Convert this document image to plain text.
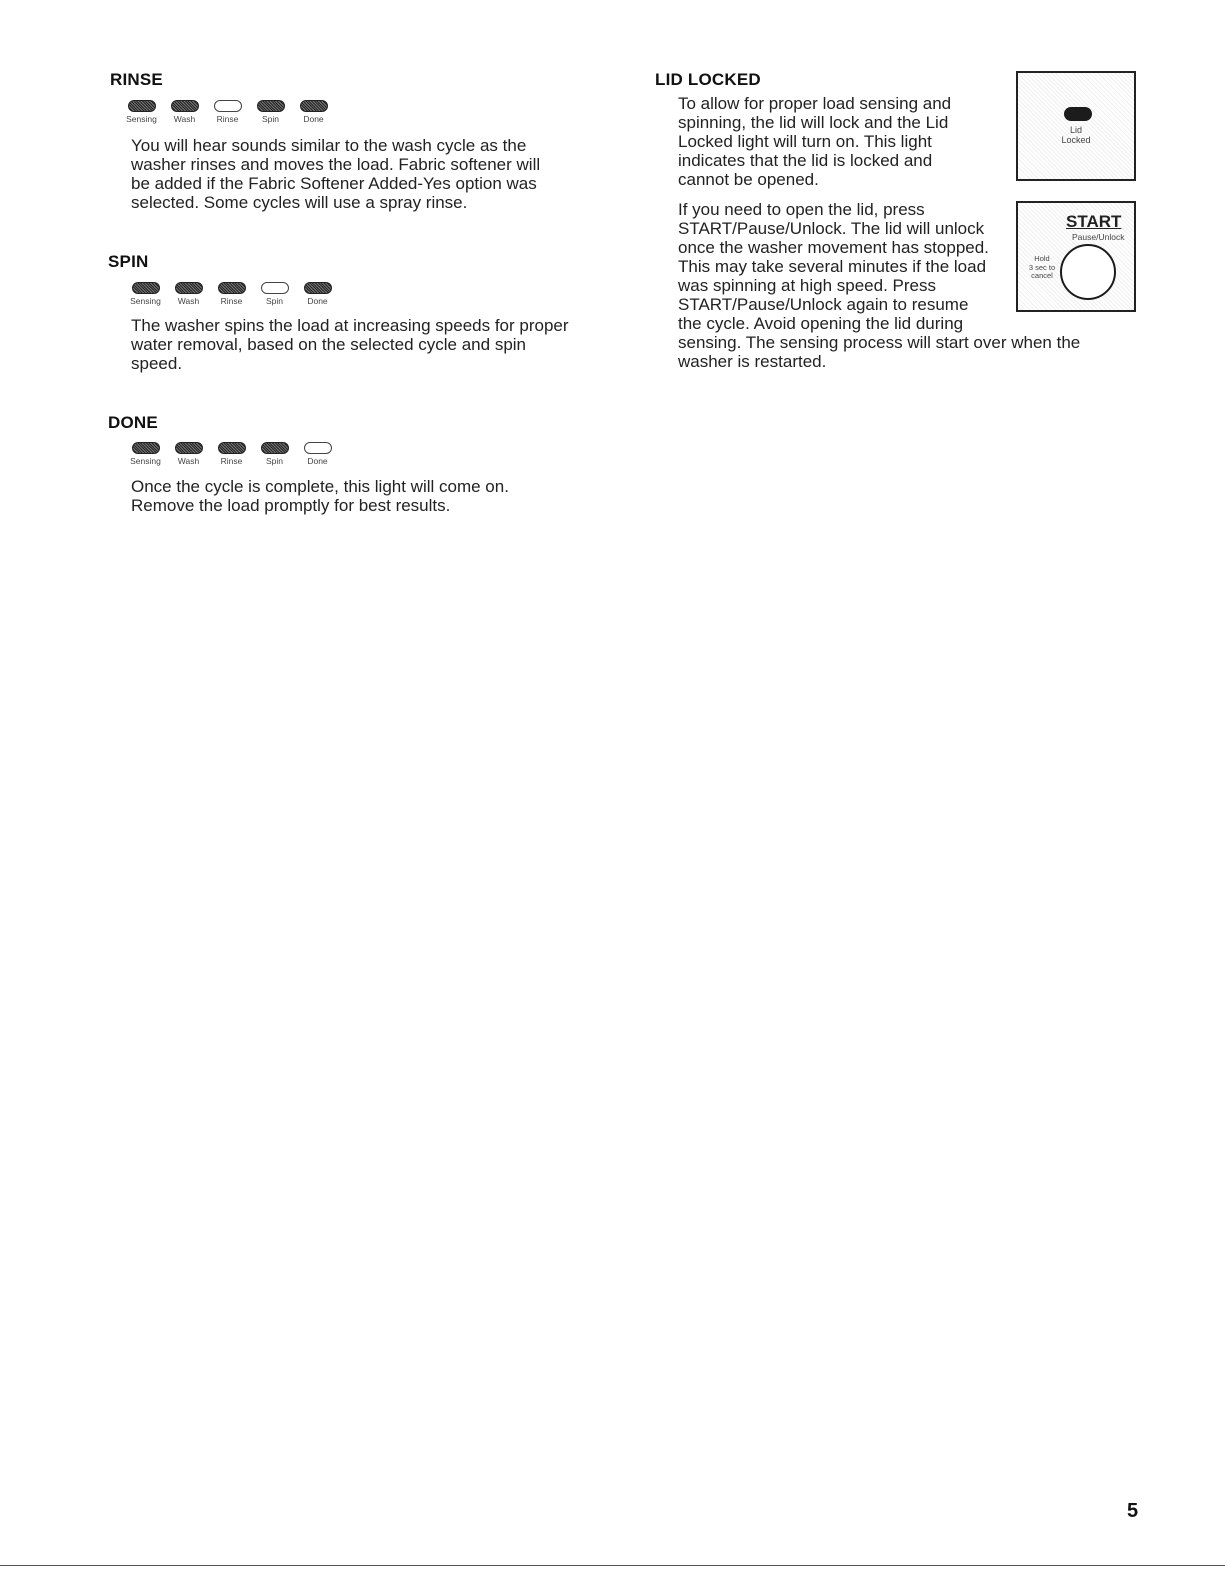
RINSE
Sensing Wash	Rinse	Spin	Done
You will hear sounds similar to the wash cycle as the
washer rinses and moves the load. Fabric softener will
be added if the Fabric Softener Added-Yes option was
selected. Some cycles will use a spray rinse.
SPIN
Sensing Wash	Rinse	Spin	Done
The washer spins the load at increasing speeds for proper
water removal, based on the selected cycle and spin
speed.
DONE
Sensing Wash	Rinse	Spin	Done
Once the cycle is complete, this light will come on.
Remove the load promptly for best results.
LID LOCKED
To allow for proper load sensing and
spinning, the lid will lock and the Lid
Locked light will turn on. This light
indicates that the lid is locked and
cannot be opened.
If you need to open the lid, press
START/Pause/Unlock. The lid will unlock
once the washer movement has stopped.
This may take several minutes if the load
was spinning at high speed. Press
START/Pause/Unlock again to resume
the cycle. Avoid opening the lid during
sensing. The sensing process will start over when the
washer is restarted.
Lid
Locked
START
Pause/Unlock
Hold
3 sec to
cancel
5
